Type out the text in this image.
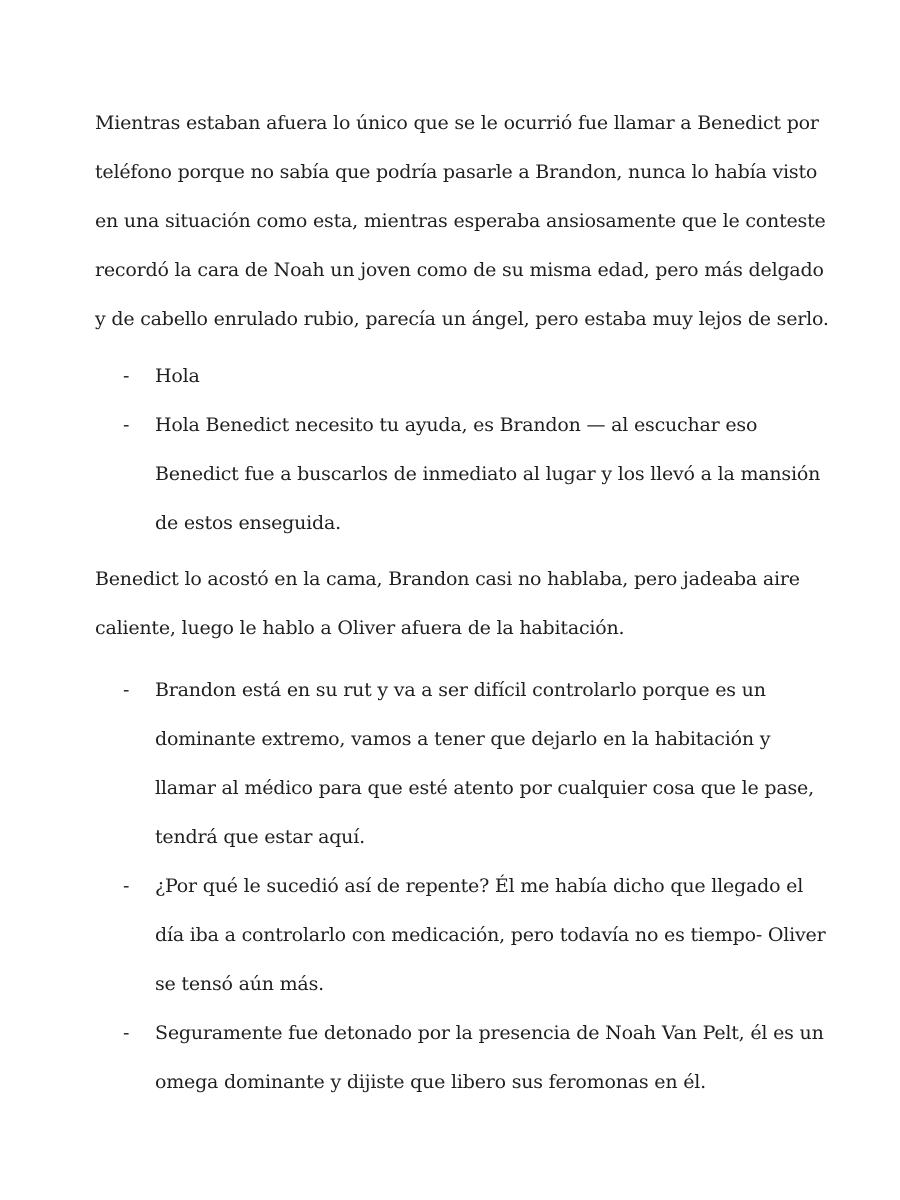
Mientras estaban afuera lo único que se le ocurrió fue llamar a Benedict por
teléfono porque no sabía que podría pasarle a Brandon, nunca lo había visto
en una situación como esta, mientras esperaba ansiosamente que le conteste
recordó la cara de Noah un joven como de su misma edad, pero más delgado
y de cabello enrulado rubio, parecía un ángel, pero estaba muy lejos de serlo.
- Hola
- Hola Benedict necesito tu ayuda, es Brandon — al escuchar eso
Benedict fue a buscarlos de inmediato al lugar y los llevó a la mansión
de estos enseguida.
Benedict lo acostó en la cama, Brandon casi no hablaba, pero jadeaba aire
caliente, luego le hablo a Oliver afuera de la habitación.
- Brandon está en su rut y va a ser difícil controlarlo porque es un
dominante extremo, vamos a tener que dejarlo en la habitación y
llamar al médico para que esté atento por cualquier cosa que le pase,
tendrá que estar aquí.
- ¿Por qué le sucedió así de repente? Él me había dicho que llegado el
día iba a controlarlo con medicación, pero todavía no es tiempo- Oliver
se tensó aún más.
- Seguramente fue detonado por la presencia de Noah Van Pelt, él es un
omega dominante y dijiste que libero sus feromonas en él.
